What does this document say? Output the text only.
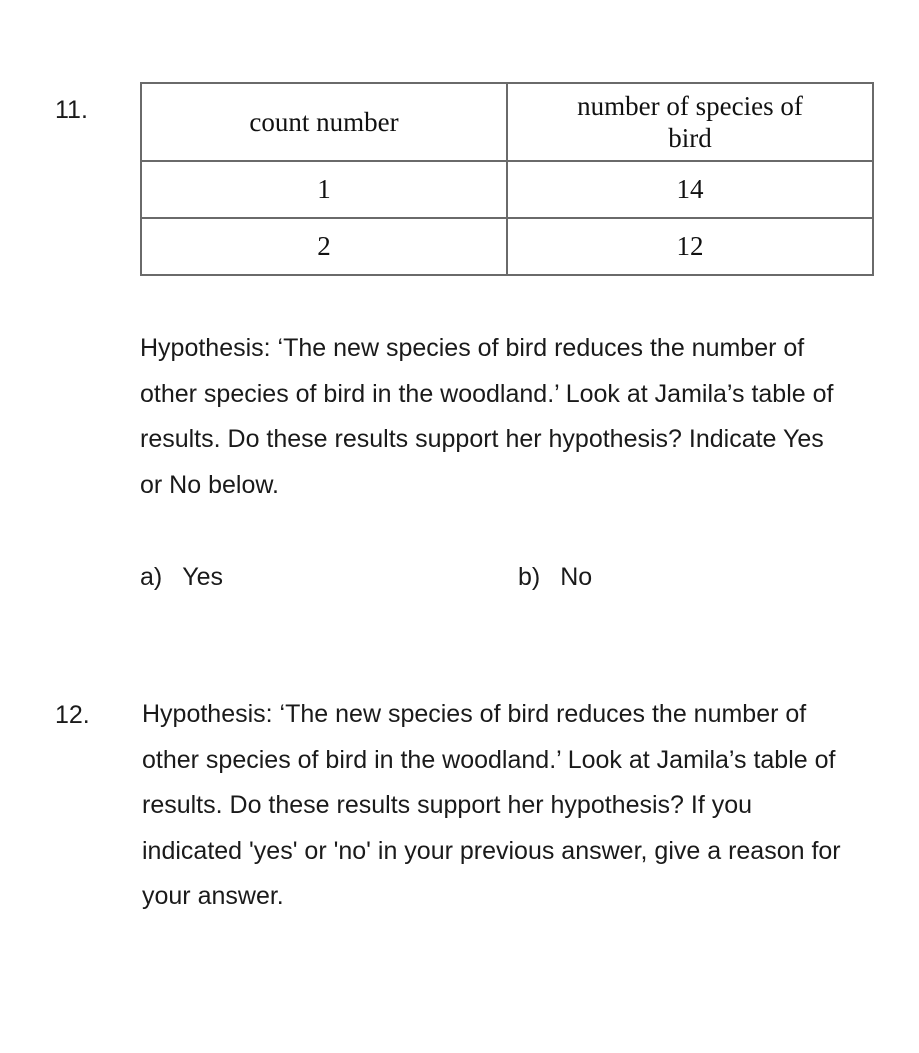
11.	count number	number of species of bird
1	14
2	12
Hypothesis: ‘The new species of bird reduces the number of other species of bird in the woodland.’ Look at Jamila’s table of results. Do these results support her hypothesis? Indicate Yes or No below.
a) Yes	b) No
12. Hypothesis: ‘The new species of bird reduces the number of other species of bird in the woodland.’ Look at Jamila’s table of results. Do these results support her hypothesis? If you indicated 'yes' or 'no' in your previous answer, give a reason for your answer.
